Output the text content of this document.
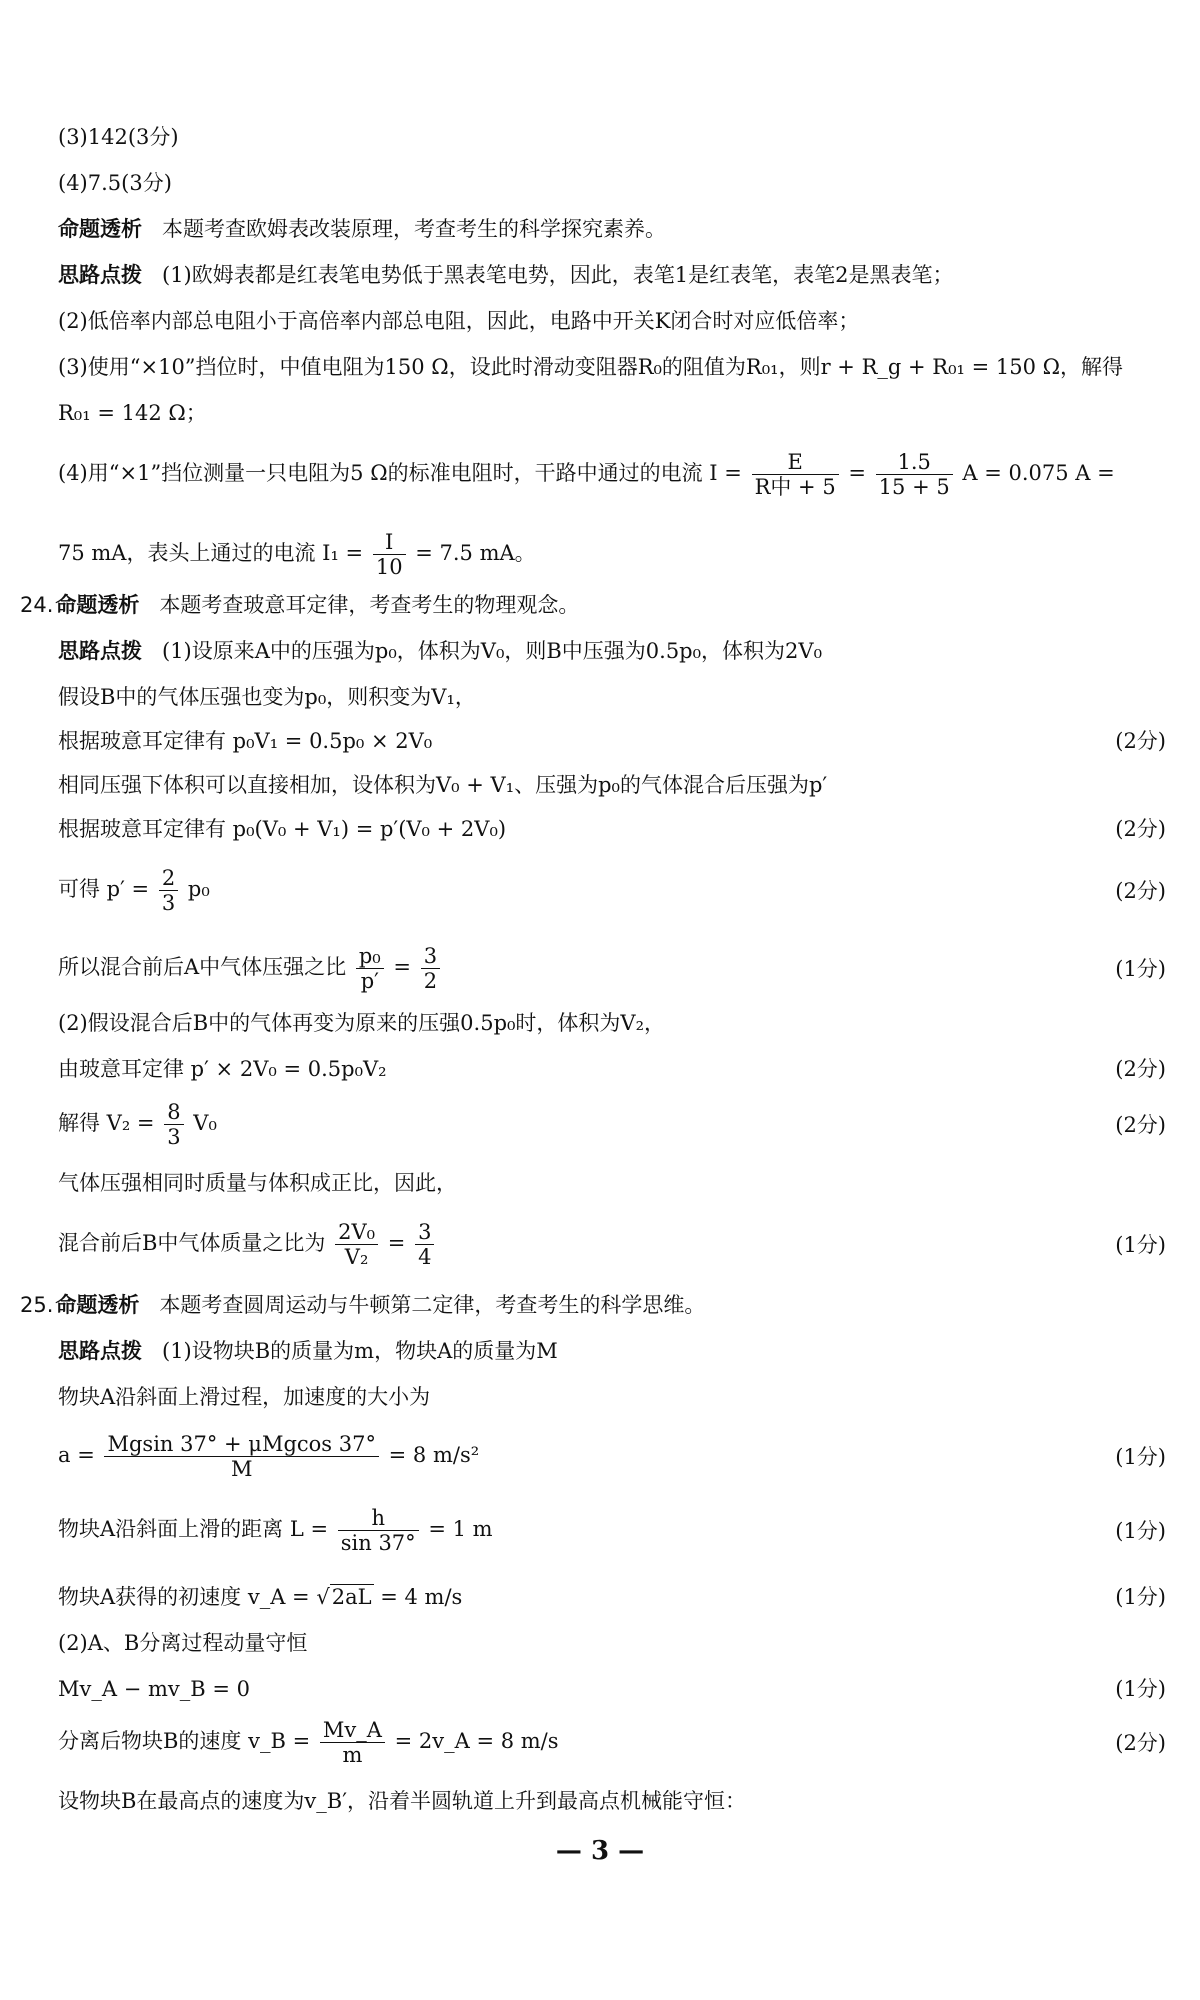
(3)142(3分)
(4)7.5(3分)
命题透析 本题考查欧姆表改装原理，考查考生的科学探究素养。
思路点拨 (1)欧姆表都是红表笔电势低于黑表笔电势，因此，表笔1是红表笔，表笔2是黑表笔；
(2)低倍率内部总电阻小于高倍率内部总电阻，因此，电路中开关K闭合时对应低倍率；
(3)使用“×10”挡位时，中值电阻为150 Ω，设此时滑动变阻器R₀的阻值为R₀₁，则r + R_g + R₀₁ = 150 Ω，解得
R₀₁ = 142 Ω；
(4)用“×1”挡位测量一只电阻为5 Ω的标准电阻时，干路中通过的电流 I =	E
R中 + 5
= $\frac{1.5}{15 + 5}$ A = 0.075 A =
75 mA，表头上通过的电流 $I_1 = \frac{I}{10} = 7.5$ mA。
24.命题透析 本题考查玻意耳定律，考查考生的物理观念。
思路点拨 (1)设原来A中的压强为p₀，体积为V₀，则B中压强为0.5p₀，体积为2V₀
假设B中的气体压强也变为p₀，则积变为V₁，
根据玻意耳定律有 p₀V₁ = 0.5p₀ × 2V₀	(2分)
相同压强下体积可以直接相加，设体积为V₀ + V₁、压强为p₀的气体混合后压强为p′
根据玻意耳定律有 p₀(V₀ + V₁) = p′(V₀ + 2V₀)	(2分)
可得 $p' = \frac{2}{3} p_0$	(2分)
所以混合前后A中气体压强之比 $\frac{\text{p₀}}{p'} = \frac{3}{2}$	(1分)
(2)假设混合后B中的气体再变为原来的压强0.5p₀时，体积为V₂，
由玻意耳定律 p′ × 2V₀ = 0.5p₀V₂	(2分)
解得 $V_2 = \frac{8}{3} V_0$	(2分)
气体压强相同时质量与体积成正比，因此，
混合前后B中气体质量之比为 $\frac{\text{2V₀}}{\text{V₂}} = \frac{3}{4}$	(1分)
25.命题透析 本题考查圆周运动与牛顿第二定律，考查考生的科学思维。
思路点拨 (1)设物块B的质量为m，物块A的质量为M
物块A沿斜面上滑过程，加速度的大小为
a = Mgsin 37° + μMgcos 37°
M
= 8 m/s²	(1分)
物块A沿斜面上滑的距离 $L = \frac{h}{\sin 37^\circ} = 1$ m	(1分)
物块A获得的初速度 v_A = √2aL = 4 m/s	(1分)
(2)A、B分离过程动量守恒
Mv_A − mv_B = 0	(1分)
分离后物块B的速度 v_B = $\frac{Mv\_A}{m}$ = 2v_A = 8 m/s	(2分)
设物块B在最高点的速度为v_B′，沿着半圆轨道上升到最高点机械能守恒：
— 3 —
